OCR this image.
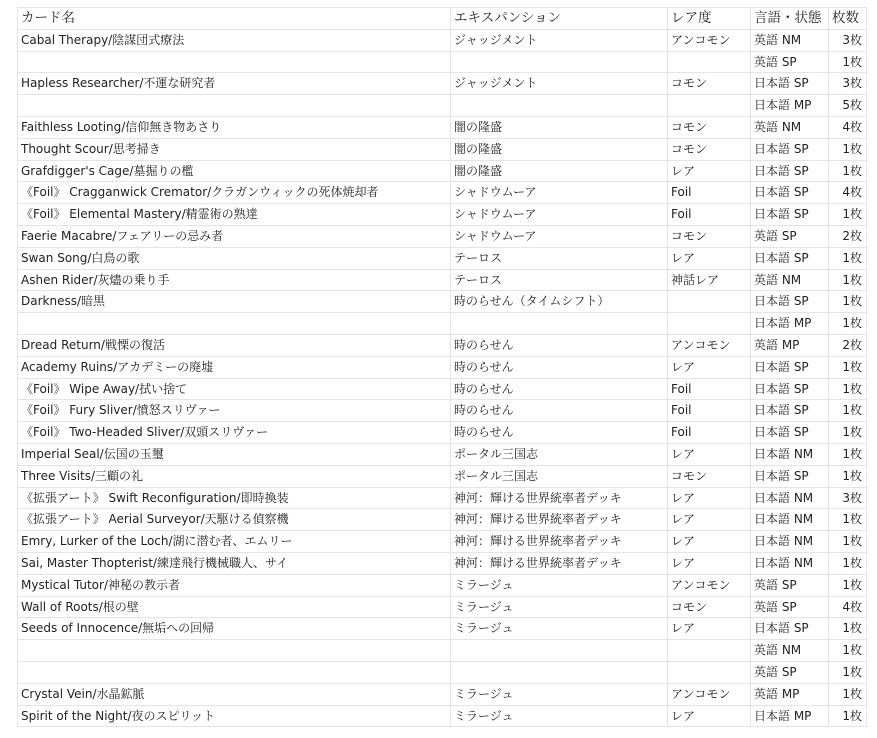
カード名	エキスパンション	レア度	言語・状態	枚数
Cabal Therapy/陰謀団式療法	ジャッジメント	アンコモン	英語 NM	3枚
			英語 SP	1枚
Hapless Researcher/不運な研究者	ジャッジメント	コモン	日本語 SP	3枚
			日本語 MP	5枚
Faithless Looting/信仰無き物あさり	闇の隆盛	コモン	英語 NM	4枚
Thought Scour/思考掃き	闇の隆盛	コモン	日本語 SP	1枚
Grafdigger's Cage/墓掘りの檻	闇の隆盛	レア	日本語 SP	1枚
《Foil》 Cragganwick Cremator/クラガンウィックの死体焼却者	シャドウムーア	Foil	日本語 SP	4枚
《Foil》 Elemental Mastery/精霊術の熟達	シャドウムーア	Foil	日本語 SP	1枚
Faerie Macabre/フェアリーの忌み者	シャドウムーア	コモン	英語 SP	2枚
Swan Song/白鳥の歌	テーロス	レア	日本語 SP	1枚
Ashen Rider/灰燼の乗り手	テーロス	神話レア	英語 NM	1枚
Darkness/暗黒	時のらせん（タイムシフト）		日本語 SP	1枚
			日本語 MP	1枚
Dread Return/戦慄の復活	時のらせん	アンコモン	英語 MP	2枚
Academy Ruins/アカデミーの廃墟	時のらせん	レア	日本語 SP	1枚
《Foil》 Wipe Away/拭い捨て	時のらせん	Foil	日本語 SP	1枚
《Foil》 Fury Sliver/憤怒スリヴァー	時のらせん	Foil	日本語 SP	1枚
《Foil》 Two-Headed Sliver/双頭スリヴァー	時のらせん	Foil	日本語 SP	1枚
Imperial Seal/伝国の玉璽	ポータル三国志	レア	日本語 NM	1枚
Three Visits/三顧の礼	ポータル三国志	コモン	日本語 SP	1枚
《拡張アート》 Swift Reconfiguration/即時換装	神河：輝ける世界統率者デッキ	レア	日本語 NM	3枚
《拡張アート》 Aerial Surveyor/天駆ける偵察機	神河：輝ける世界統率者デッキ	レア	日本語 NM	1枚
Emry, Lurker of the Loch/湖に潜む者、エムリー	神河：輝ける世界統率者デッキ	レア	日本語 NM	1枚
Sai, Master Thopterist/練達飛行機械職人、サイ	神河：輝ける世界統率者デッキ	レア	日本語 NM	1枚
Mystical Tutor/神秘の教示者	ミラージュ	アンコモン	英語 SP	1枚
Wall of Roots/根の壁	ミラージュ	コモン	英語 SP	4枚
Seeds of Innocence/無垢への回帰	ミラージュ	レア	日本語 SP	1枚
			英語 NM	1枚
			英語 SP	1枚
Crystal Vein/水晶鉱脈	ミラージュ	アンコモン	英語 MP	1枚
Spirit of the Night/夜のスピリット	ミラージュ	レア	日本語 MP	1枚
